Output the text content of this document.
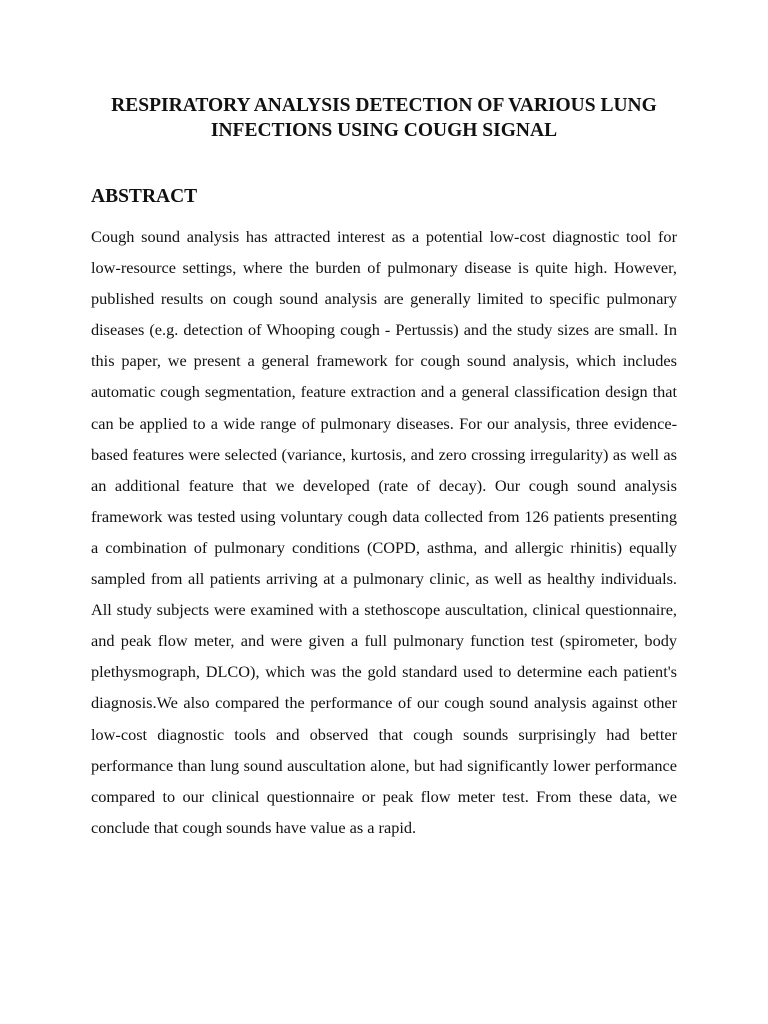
RESPIRATORY ANALYSIS DETECTION OF VARIOUS LUNG INFECTIONS USING COUGH SIGNAL
ABSTRACT

Cough sound analysis has attracted interest as a potential low-cost diagnostic tool for low-resource settings, where the burden of pulmonary disease is quite high. However, published results on cough sound analysis are generally limited to specific pulmonary diseases (e.g. detection of Whooping cough - Pertussis) and the study sizes are small. In this paper, we present a general framework for cough sound analysis, which includes automatic cough segmentation, feature extraction and a general classification design that can be applied to a wide range of pulmonary diseases. For our analysis, three evidence-based features were selected (variance, kurtosis, and zero crossing irregularity) as well as an additional feature that we developed (rate of decay). Our cough sound analysis framework was tested using voluntary cough data collected from 126 patients presenting a combination of pulmonary conditions (COPD, asthma, and allergic rhinitis) equally sampled from all patients arriving at a pulmonary clinic, as well as healthy individuals. All study subjects were examined with a stethoscope auscultation, clinical questionnaire, and peak flow meter, and were given a full pulmonary function test (spirometer, body plethysmograph, DLCO), which was the gold standard used to determine each patient's diagnosis.We also compared the performance of our cough sound analysis against other low-cost diagnostic tools and observed that cough sounds surprisingly had better performance than lung sound auscultation alone, but had significantly lower performance compared to our clinical questionnaire or peak flow meter test. From these data, we conclude that cough sounds have value as a rapid.
